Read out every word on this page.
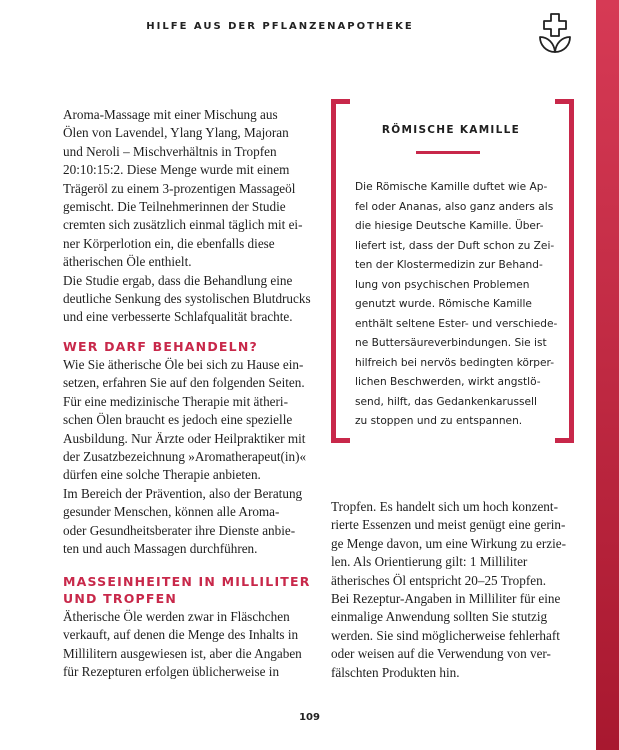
HILFE AUS DER PFLANZENAPOTHEKE
Aroma-Massage mit einer Mischung aus
Ölen von Lavendel, Ylang Ylang, Majoran
und Neroli – Mischverhältnis in Tropfen
20:10:15:2. Diese Menge wurde mit einem
Trägeröl zu einem 3-prozentigen Massageöl
gemischt. Die Teilnehmerinnen der Studie
cremten sich zusätzlich einmal täglich mit ei-
ner Körperlotion ein, die ebenfalls diese
ätherischen Öle enthielt.
Die Studie ergab, dass die Behandlung eine
deutliche Senkung des systolischen Blutdrucks
und eine verbesserte Schlafqualität brachte.
WER DARF BEHANDELN?
Wie Sie ätherische Öle bei sich zu Hause ein-
setzen, erfahren Sie auf den folgenden Seiten.
Für eine medizinische Therapie mit ätheri-
schen Ölen braucht es jedoch eine spezielle
Ausbildung. Nur Ärzte oder Heilpraktiker mit
der Zusatzbezeichnung »Aromatherapeut(in)«
dürfen eine solche Therapie anbieten.
Im Bereich der Prävention, also der Beratung
gesunder Menschen, können alle Aroma-
oder Gesundheitsberater ihre Dienste anbie-
ten und auch Massagen durchführen.
MASSEINHEITEN IN MILLILITER
UND TROPFEN
Ätherische Öle werden zwar in Fläschchen
verkauft, auf denen die Menge des Inhalts in
Millilitern ausgewiesen ist, aber die Angaben
für Rezepturen erfolgen üblicherweise in
RÖMISCHE KAMILLE
Die Römische Kamille duftet wie Ap-
fel oder Ananas, also ganz anders als
die hiesige Deutsche Kamille. Über-
liefert ist, dass der Duft schon zu Zei-
ten der Klostermedizin zur Behand-
lung von psychischen Problemen
genutzt wurde. Römische Kamille
enthält seltene Ester- und verschiede-
ne Buttersäureverbindungen. Sie ist
hilfreich bei nervös bedingten körper-
lichen Beschwerden, wirkt angstlö-
send, hilft, das Gedankenkarussell
zu stoppen und zu entspannen.
Tropfen. Es handelt sich um hoch konzent-
rierte Essenzen und meist genügt eine gerin-
ge Menge davon, um eine Wirkung zu erzie-
len. Als Orientierung gilt: 1 Milliliter
ätherisches Öl entspricht 20–25 Tropfen.
Bei Rezeptur-Angaben in Milliliter für eine
einmalige Anwendung sollten Sie stutzig
werden. Sie sind möglicherweise fehlerhaft
oder weisen auf die Verwendung von ver-
fälschten Produkten hin.
109
